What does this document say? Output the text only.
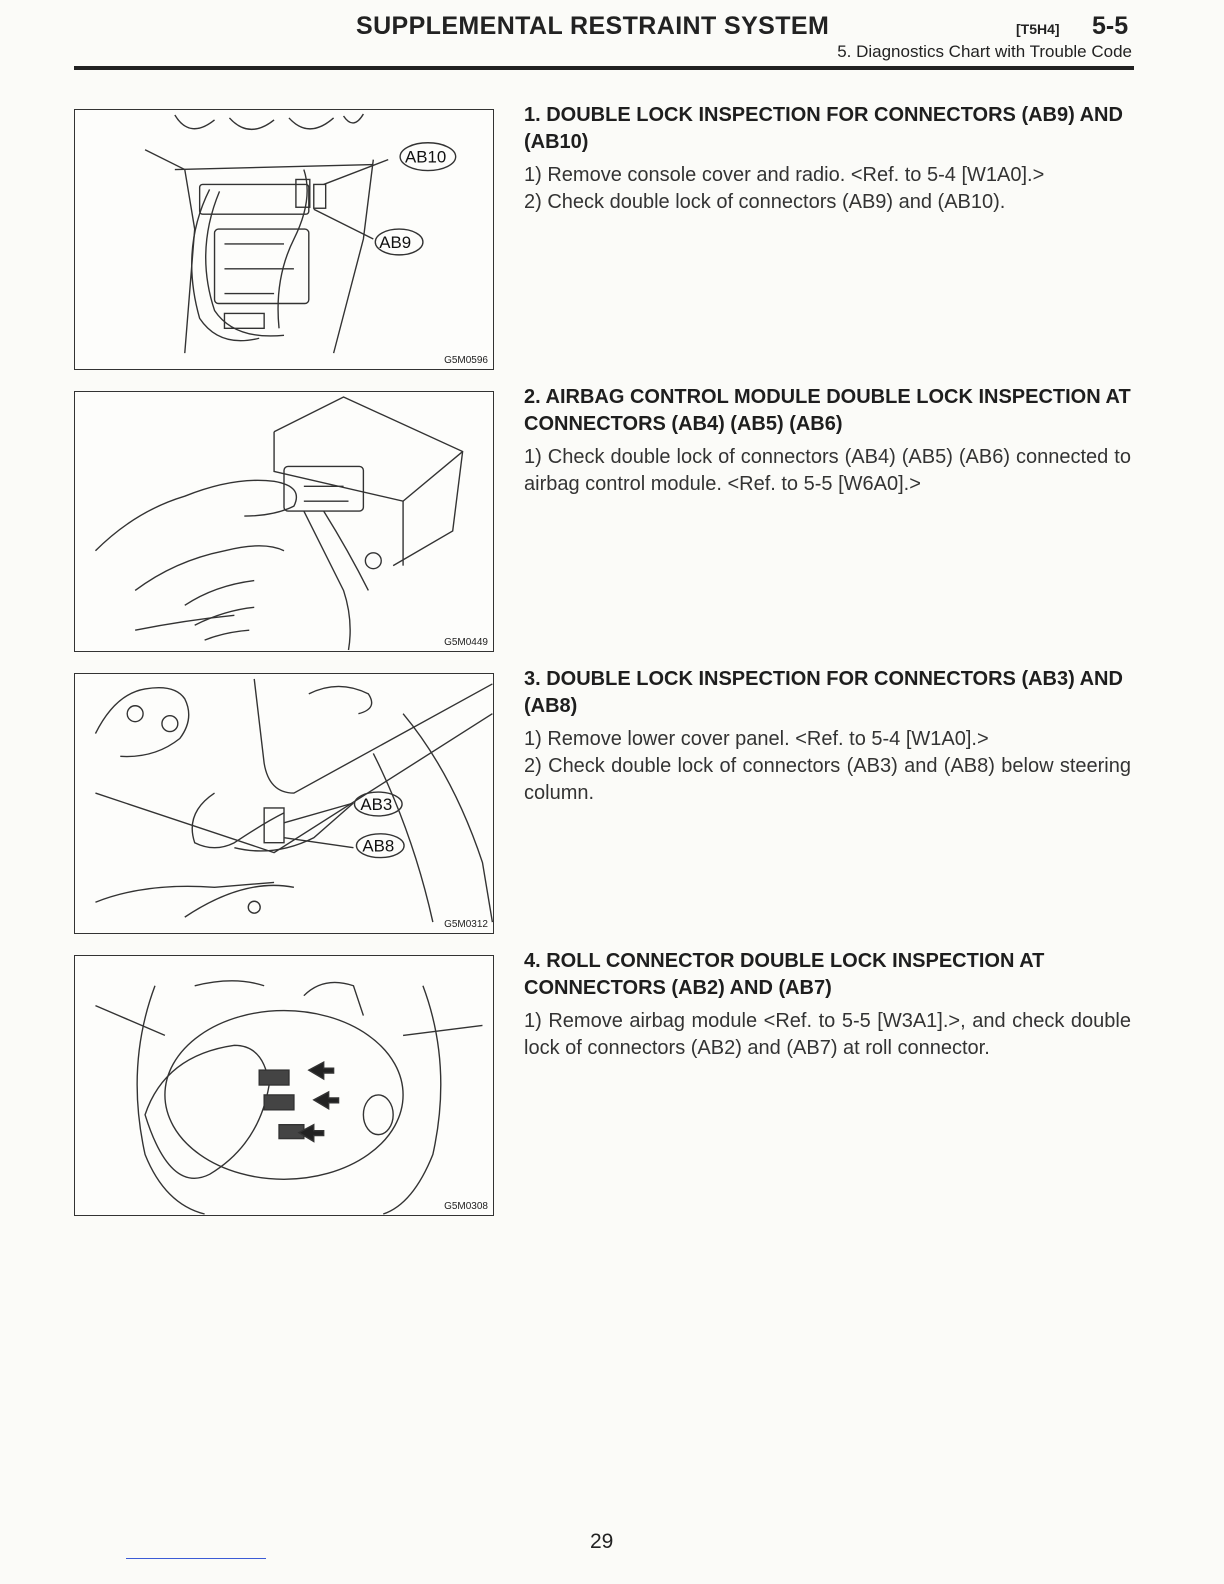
SUPPLEMENTAL RESTRAINT SYSTEM	[T5H4] 5-5
5. Diagnostics Chart with Trouble Code
AB10
AB9
G5M0596
G5M0449
AB3
AB8
G5M0312
G5M0308

1. DOUBLE LOCK INSPECTION FOR CONNECTORS (AB9) AND (AB10)

1) Remove console cover and radio. <Ref. to 5-4 [W1A0].>

2) Check double lock of connectors (AB9) and (AB10).

2. AIRBAG CONTROL MODULE DOUBLE LOCK INSPECTION AT CONNECTORS (AB4) (AB5) (AB6)

1) Check double lock of connectors (AB4) (AB5) (AB6) connected to airbag control module. <Ref. to 5-5 [W6A0].>

3. DOUBLE LOCK INSPECTION FOR CONNECTORS (AB3) AND (AB8)

1) Remove lower cover panel. <Ref. to 5-4 [W1A0].>

2) Check double lock of connectors (AB3) and (AB8) below steering column.

4. ROLL CONNECTOR DOUBLE LOCK INSPECTION AT CONNECTORS (AB2) AND (AB7)

1) Remove airbag module <Ref. to 5-5 [W3A1].>, and check double lock of connectors (AB2) and (AB7) at roll connector.

29
